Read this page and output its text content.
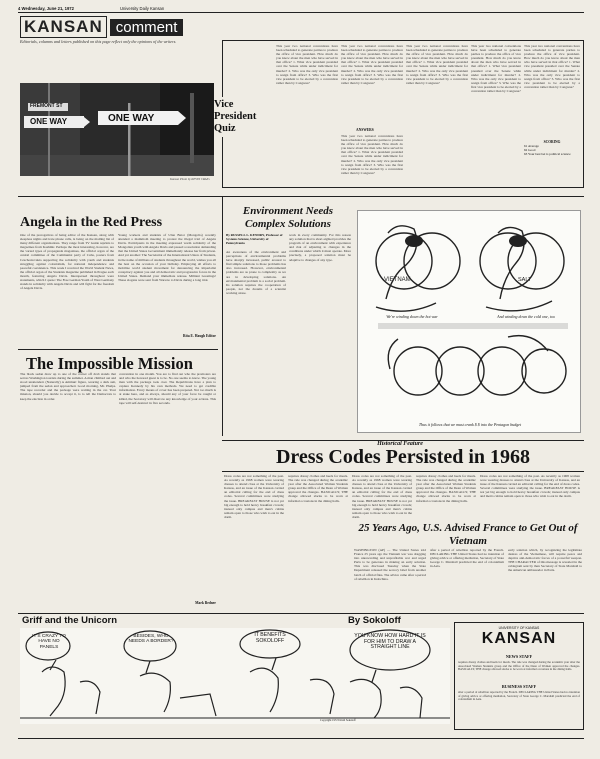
4 Wednesday, June 21, 1972	University Daily Kansan
KANSAN comment
Editorials, columns and letters published on this page reflect only the opinions of the writers.
FREMONT ST
ONE WAY	ONE WAY
Kansan Photo by KEVIN CRAIG
Vice President Quiz
This year two national conventions have been scheduled to generate parties to produce the office of vice president. How much do you know about the men who have served in that office? 1. What vice president presided over the Senate while under indictment for murder? 2. Who was the only vice president to resign from office? 3. Who was the first vice president to be elected by a convention rather than by Congress?
This year two national conventions have been scheduled to generate parties to produce the office of vice president. How much do you know about the men who have served in that office? 1. What vice president presided over the Senate while under indictment for murder? 2. Who was the only vice president to resign from office? 3. Who was the first vice president to be elected by a convention rather than by Congress?
ANSWERS
This year two national conventions have been scheduled to generate parties to produce the office of vice president. How much do you know about the men who have served in that office? 1. What vice president presided over the Senate while under indictment for murder? 2. Who was the only vice president to resign from office? 3. Who was the first vice president to be elected by a convention rather than by Congress?
This year two national conventions have been scheduled to generate parties to produce the office of vice president. How much do you know about the men who have served in that office? 1. What vice president presided over the Senate while under indictment for murder? 2. Who was the only vice president to resign from office? 3. Who was the first vice president to be elected by a convention rather than by Congress?
This year two national conventions have been scheduled to generate parties to produce the office of vice president. How much do you know about the men who have served in that office? 1. What vice president presided over the Senate while under indictment for murder? 2. Who was the only vice president to resign from office? 3. Who was the first vice president to be elected by a convention rather than by Congress?
This year two national conventions have been scheduled to generate parties to produce the office of vice president. How much do you know about the men who have served in that office? 1. What vice president presided over the Senate while under indictment for murder? 2. Who was the only vice president to resign from office? 3. Who was the first vice president to be elected by a convention rather than by Congress?
SCORING
61 Average
62 Good
63 Your best bet is political science
Angela in the Red Press
One of the prerogatives of being editor of the Kansan, along with sleepless nights and irate phone calls, is being on the mailing list of many different organizations. They range from TV Guide reprints to magazines from Kashmir. Perhaps the most interesting, however, are the varied types of propaganda magazines, the official organ of the central committee of the Communist party of Cuba, posters from Czechoslovakia supporting the solidarity with youth and students struggling against colonialism, for national independence and peaceful coexistence. This week I received the World Student News, the official organ of the Students magazine published in Prague each month, featuring Angela Davis. Interspersed throughout were statements, which I quote: The Free German Youth of West Germany stands in solidarity with Angela Davis and will fight for the freedom of Angela Davis.
Young workers and students of Ulan Bator (Mongolia) recently attended a mammoth meeting to protest the illegal trial of Angela Davis. Participants in the meeting expressed warm solidarity of the Mongolian youth with Angela Davis and passed a resolution demanding that the United States Government immediately release her from prison. And yet another: The Secretariat of the International Union of Students, in the name of millions of students throughout the world, wishes you all the best on the occasion of your birthday. Employing all efforts to mobilize world student movement for denouncing the imperialist conspiracy against you and all democratic and progressive forces in the United States. Demand your immediate release. Militant Greetings! These slogans were sent from Warsaw to Davis during a long trial.
Rita E. Haugh Editor
The Impossible Mission
The black sedan drew up to one of the corner off drab stands that serves Washington tourists during the summer. A man climbed out and stood unattended. (Naturally) A Ammurr figure, wearing a dark suit, jumped from the sedan and approached. Good morning, Mr. Phelps. The tape recorder and the package were waiting in the car. Your mission, should you decide to accept it, is to tell the Democrats to keep the election in order.
convention in one month. You are to find out who the promoters are and who the honored guest is to be. No one seems to know. The young man with the package took over. The Republicans have a plan to capture Kennedy by his own methods. We need to get credible information. Every means of cover has been prepared. Not too much is at stake here, and as always, should any of your force be caught or killed, the Secretary will disavow any knowledge of your actions. This tape will self-destruct in five seconds.
Mark Bedner
Environment Needs Complex Solutions
By RUSSELL L. KENDRY, Professor of Systems Science, University of Pennsylvania
An awareness of the environment and perceptions of environmental problems have sharply increased, public arousal to find simple solutions to those problems has also increased. However, environmental problems are as prone to complexity as we are in developing solutions. An environmental problem is a social problem. Its solution requires the cooperation of people, not the dreams of a scientist working alone.
work in every community. For this reason any solution that is short-sighted provides the program of an environment with experience and risk of adjusting to changes in the conditions under which it must operate. More precisely, a proposed solution must be adaptive to changes of any type.
VIETNAM	SALT
We're winding down the hot war	And winding down the cold one, too
Thus it follows that we must crank $ $ into the Pentagon budget
Historical Feature
Dress Codes Persisted in 1968
Dress codes are not something of the past. As recently as 1968 women were wearing dresses to attend class at the University of Kansas, and an issue of the Kansan carried an editorial calling for the end of dress codes. Several committees were studying the issue. BREAKFAST HOUSE is not yet big enough to hold heavy breakfast crowds; instead only campus and men's cabins remain open to those who wish to eat in the dorm.
requires dressy clothes and heels for meals. The rule was changed during the academic year after the Associated Women Students group and the Office of the Dean of Women approved the changes. BASICALLY, THE change allowed slacks to be worn at informal occasions in the dining halls.
Dress codes are not something of the past. As recently as 1968 women were wearing dresses to attend class at the University of Kansas, and an issue of the Kansan carried an editorial calling for the end of dress codes. Several committees were studying the issue. BREAKFAST HOUSE is not yet big enough to hold heavy breakfast crowds; instead only campus and men's cabins remain open to those who wish to eat in the dorm.
requires dressy clothes and heels for meals. The rule was changed during the academic year after the Associated Women Students group and the Office of the Dean of Women approved the changes. BASICALLY, THE change allowed slacks to be worn at informal occasions in the dining halls.
Dress codes are not something of the past. As recently as 1968 women were wearing dresses to attend class at the University of Kansas, and an issue of the Kansan carried an editorial calling for the end of dress codes. Several committees were studying the issue. BREAKFAST HOUSE is not yet big enough to hold heavy breakfast crowds; instead only campus and men's cabins remain open to those who wish to eat in the dorm.
25 Years Ago, U.S. Advised France to Get Out of Vietnam
WASHINGTON (AP) — The United States told France 25 years ago the Vietnam war was dragging into unrewarding and unprofitable war and urged Paris to be generous in making an early solution. This was disclosed Tuesday when the State Department released the secrecy label from another batch of official files. The advice came after a period of rebellion in Indochina.
after a period of rebellion reported by the French. DECLARING THE United States had no intention of giving advice or offering mediation, Secretary of State George C. Marshall predicted the end of colonialism in Asia.
early solution which, by recognizing the legitimate desires of the Vietnamese, will require peace and deprive anti-democratic forces of a powerful weapon. THE CHARACTER of this message is revealed in the cablegram sent by then Secretary of State Marshall to the American ambassador in Paris.
Griff and the Unicorn	By Sokoloff
IT'S CRAZY TO HAVE NO PANELS
BESIDES, WHO NEEDS A BORDER?
IT BENEFITS SOKOLOFF
YOU KNOW HOW HARD IT IS FOR HIM TO DRAW A STRAIGHT LINE
Copyright 1972 David Sokoloff
UNIVERSITY OF KANSAS
KANSAN
NEWS STAFF
requires dressy clothes and heels for meals. The rule was changed during the academic year after the Associated Women Students group and the Office of the Dean of Women approved the changes. BASICALLY, THE change allowed slacks to be worn at informal occasions in the dining halls.
BUSINESS STAFF
after a period of rebellion reported by the French. DECLARING THE United States had no intention of giving advice or offering mediation, Secretary of State George C. Marshall predicted the end of colonialism in Asia.
